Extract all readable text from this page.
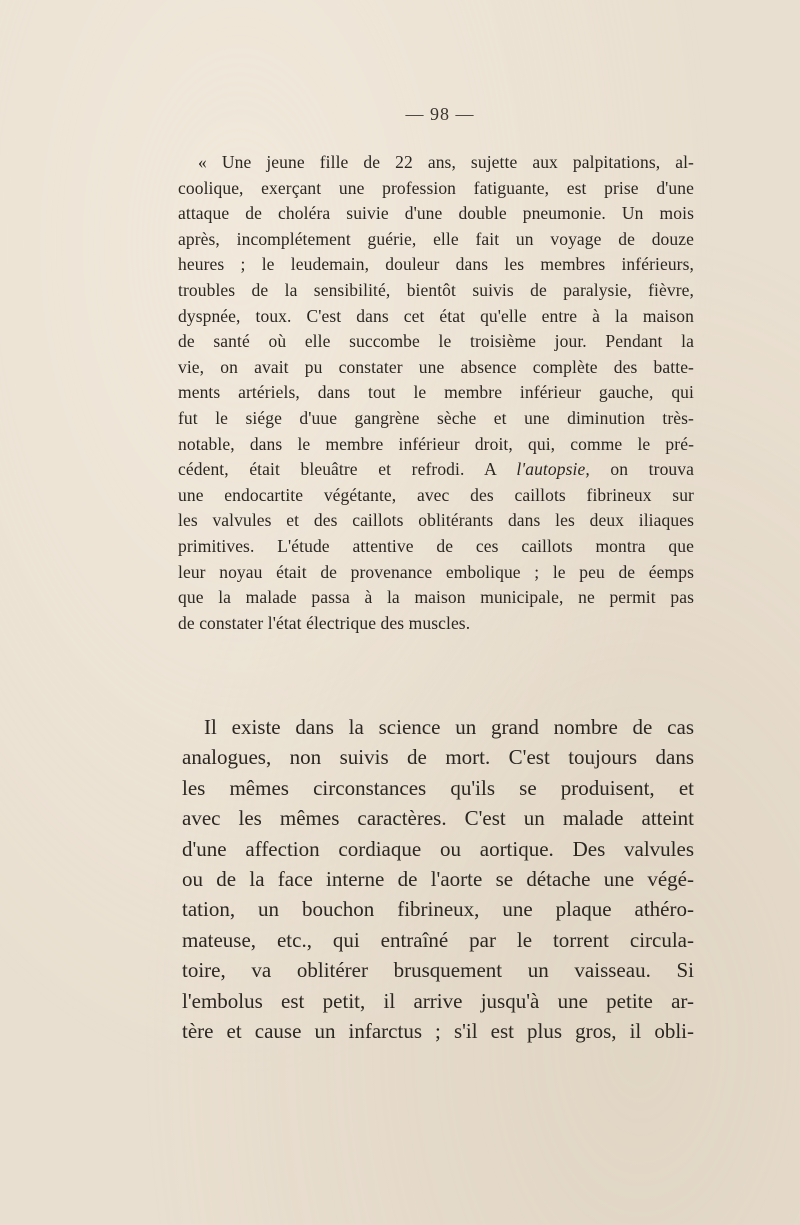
— 98 —
« Une jeune fille de 22 ans, sujette aux palpitations, al-
coolique, exerçant une profession fatiguante, est prise d'une
attaque de choléra suivie d'une double pneumonie. Un mois
après, incomplétement guérie, elle fait un voyage de douze
heures ; le leudemain, douleur dans les membres inférieurs,
troubles de la sensibilité, bientôt suivis de paralysie, fièvre,
dyspnée, toux. C'est dans cet état qu'elle entre à la maison
de santé où elle succombe le troisième jour. Pendant la
vie, on avait pu constater une absence complète des batte-
ments artériels, dans tout le membre inférieur gauche, qui
fut le siége d'uue gangrène sèche et une diminution très-
notable, dans le membre inférieur droit, qui, comme le pré-
cédent, était bleuâtre et refrodi. A l'autopsie, on trouva
une endocartite végétante, avec des caillots fibrineux sur
les valvules et des caillots oblitérants dans les deux iliaques
primitives. L'étude attentive de ces caillots montra que
leur noyau était de provenance embolique ; le peu de éemps
que la malade passa à la maison municipale, ne permit pas
de constater l'état électrique des muscles.
Il existe dans la science un grand nombre de cas
analogues, non suivis de mort. C'est toujours dans
les mêmes circonstances qu'ils se produisent, et
avec les mêmes caractères. C'est un malade atteint
d'une affection cordiaque ou aortique. Des valvules
ou de la face interne de l'aorte se détache une végé-
tation, un bouchon fibrineux, une plaque athéro-
mateuse, etc., qui entraîné par le torrent circula-
toire, va oblitérer brusquement un vaisseau. Si
l'embolus est petit, il arrive jusqu'à une petite ar-
tère et cause un infarctus ; s'il est plus gros, il obli-
